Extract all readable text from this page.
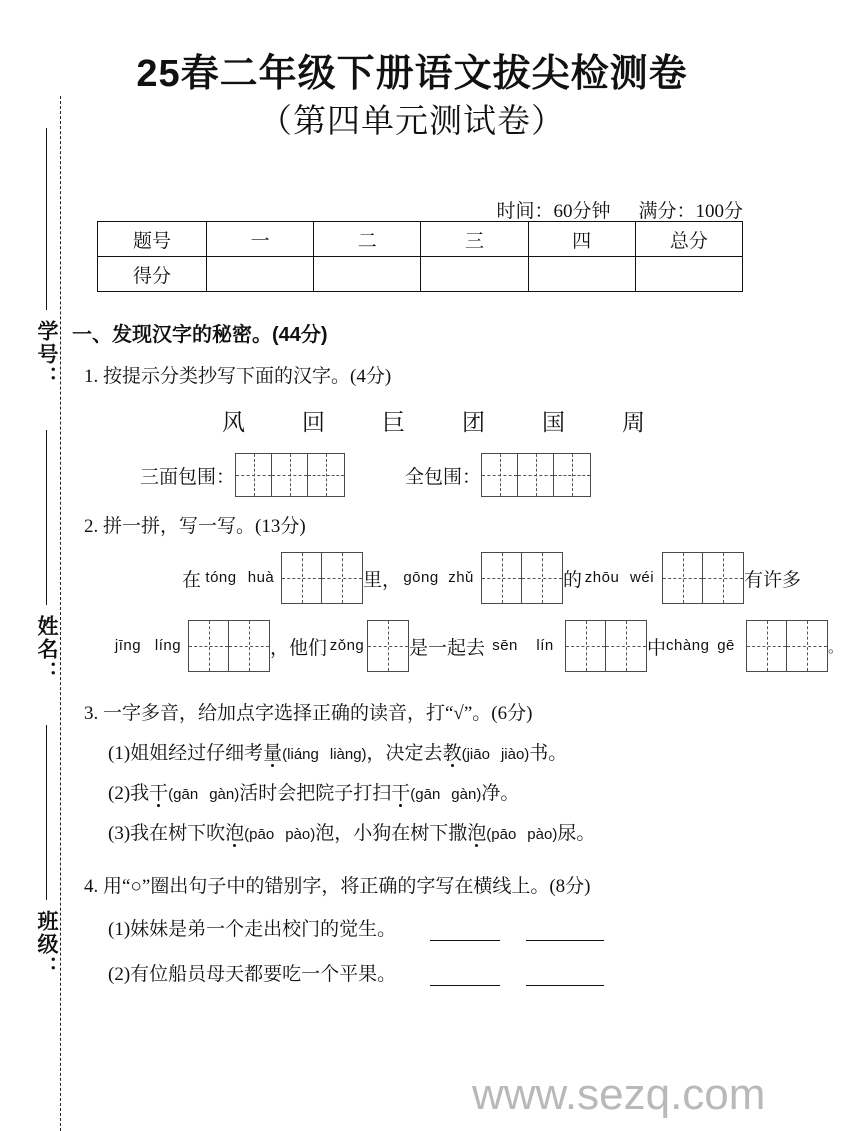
学号：
姓名：
班级：
25春二年级下册语文拔尖检测卷
（第四单元测试卷）
时间：60分钟 满分：100分
题号	一	二	三	四	总分
得分					
一、发现汉字的秘密。(44分)
1. 按提示分类抄写下面的汉字。(4分)
风 回 巨 团 国 周
三面包围：	全包围：
2. 拼一拼，写一写。(13分)
在 tóng huà	里， gōng zhǔ	的 zhōu wéi	有许多
jīng líng	，他们 zǒng 是一起去 sēn lín	中chàng gē	。
3. 一字多音，给加点字选择正确的读音，打“√”。(6分)
(1)姐姐经过仔细考量(liáng liàng)，决定去教(jiāo jiào)书。
(2)我干(gān gàn)活时会把院子打扫干(gān gàn)净。
(3)我在树下吹泡(pāo pào)泡，小狗在树下撒泡(pāo pào)尿。
4. 用“○”圈出句子中的错别字，将正确的字写在横线上。(8分)
(1)妹妹是弟一个走出校门的觉生。
(2)有位船员母天都要吃一个平果。
www.sezq.com
